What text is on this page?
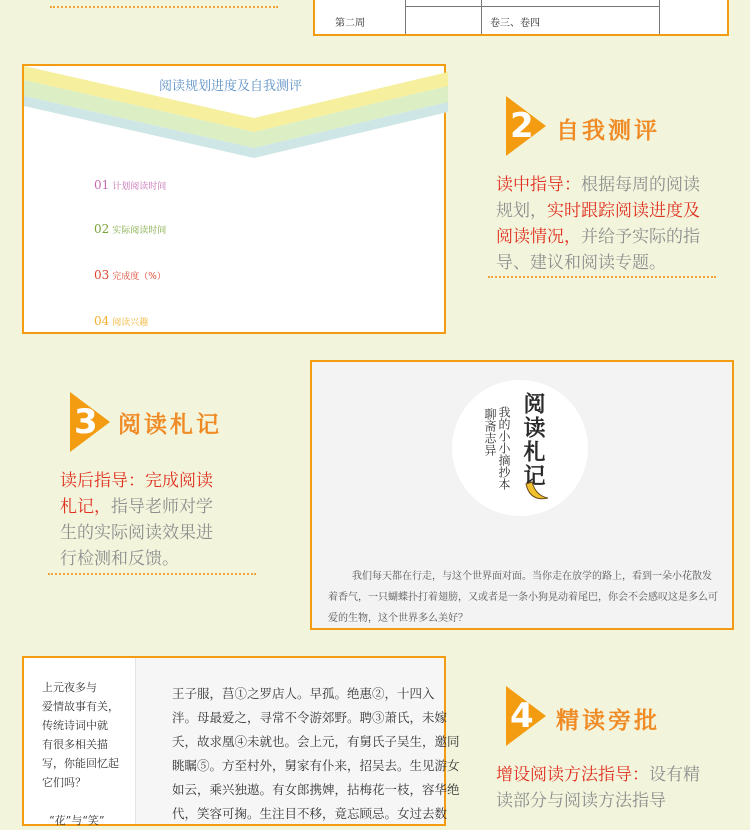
第二周	卷三、卷四
阅读规划进度及自我测评
01 计划阅读时间
02 实际阅读时间
03 完成度（%）
04 阅读兴趣
2 自我测评
读中指导：根据每周的阅读
规划，实时跟踪阅读进度及
阅读情况，并给予实际的指
导、建议和阅读专题。
3 阅读札记
读后指导：完成阅读
札记，指导老师对学
生的实际阅读效果进
行检测和反馈。
阅读札记
我的小小摘抄本
聊斋志异
我们每天都在行走，与这个世界面对面。当你走在放学的路上，看到一朵小花散发着香气，一只蝴蝶扑打着翅膀，又或者是一条小狗晃动着尾巴，你会不会感叹这是多么可爱的生物，这个世界多么美好？
上元夜多与
爱情故事有关，
传统诗词中就
有很多相关描
写，你能回忆起
它们吗？

“花”与“笑”
王子服，莒①之罗店人。早孤。绝惠②，十四入
泮。母最爱之，寻常不令游郊野。聘③萧氏，未嫁
夭，故求凰④未就也。会上元，有舅氏子吴生，邀同
眺瞩⑤。方至村外，舅家有仆来，招吴去。生见游女
如云，乘兴独遨。有女郎携婢，拈梅花一枝，容华绝
代，笑容可掬。生注目不移，竟忘顾忌。女过去数
4 精读旁批
增设阅读方法指导：设有精
读部分与阅读方法指导
